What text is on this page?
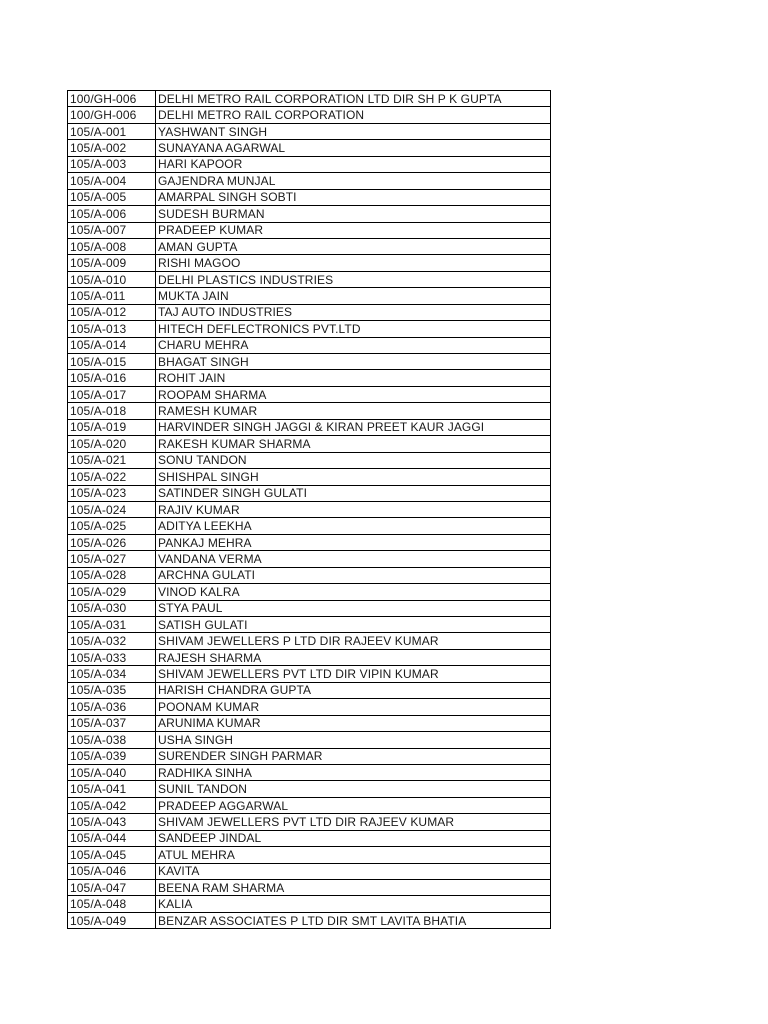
100/GH-006	DELHI METRO RAIL CORPORATION LTD DIR SH P K GUPTA
100/GH-006	DELHI METRO RAIL CORPORATION
105/A-001	YASHWANT SINGH
105/A-002	SUNAYANA AGARWAL
105/A-003	HARI KAPOOR
105/A-004	GAJENDRA MUNJAL
105/A-005	AMARPAL SINGH SOBTI
105/A-006	SUDESH BURMAN
105/A-007	PRADEEP KUMAR
105/A-008	AMAN GUPTA
105/A-009	RISHI MAGOO
105/A-010	DELHI PLASTICS INDUSTRIES
105/A-011	MUKTA JAIN
105/A-012	TAJ AUTO INDUSTRIES
105/A-013	HITECH DEFLECTRONICS PVT.LTD
105/A-014	CHARU MEHRA
105/A-015	BHAGAT SINGH
105/A-016	ROHIT JAIN
105/A-017	ROOPAM SHARMA
105/A-018	RAMESH KUMAR
105/A-019	HARVINDER SINGH JAGGI & KIRAN PREET KAUR JAGGI
105/A-020	RAKESH KUMAR SHARMA
105/A-021	SONU TANDON
105/A-022	SHISHPAL SINGH
105/A-023	SATINDER SINGH GULATI
105/A-024	RAJIV KUMAR
105/A-025	ADITYA LEEKHA
105/A-026	PANKAJ MEHRA
105/A-027	VANDANA VERMA
105/A-028	ARCHNA GULATI
105/A-029	VINOD KALRA
105/A-030	STYA PAUL
105/A-031	SATISH GULATI
105/A-032	SHIVAM JEWELLERS P LTD DIR RAJEEV KUMAR
105/A-033	RAJESH SHARMA
105/A-034	SHIVAM JEWELLERS PVT LTD DIR VIPIN KUMAR
105/A-035	HARISH CHANDRA GUPTA
105/A-036	POONAM KUMAR
105/A-037	ARUNIMA KUMAR
105/A-038	USHA SINGH
105/A-039	SURENDER SINGH PARMAR
105/A-040	RADHIKA SINHA
105/A-041	SUNIL TANDON
105/A-042	PRADEEP AGGARWAL
105/A-043	SHIVAM JEWELLERS PVT LTD DIR RAJEEV KUMAR
105/A-044	SANDEEP JINDAL
105/A-045	ATUL MEHRA
105/A-046	KAVITA
105/A-047	BEENA RAM SHARMA
105/A-048	KALIA
105/A-049	BENZAR ASSOCIATES P LTD DIR SMT LAVITA BHATIA
